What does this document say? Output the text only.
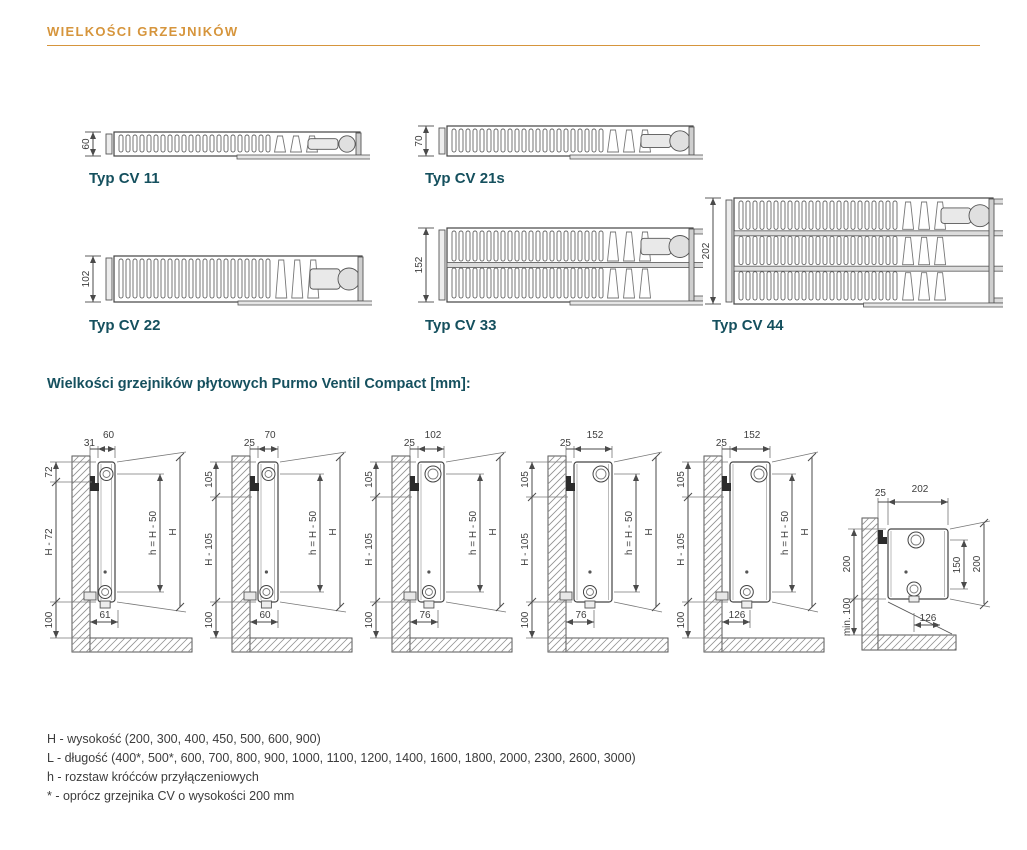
WIELKOŚCI GRZEJNIKÓW
60	70
102
152
202
Typ CV 11	Typ CV 21s
Typ CV 22	Typ CV 33	Typ CV 44
Wielkości grzejników płytowych Purmo Ventil Compact [mm]:
60
31
72
H - 72
100
h = H - 50 H
61
70
25
105
H - 105
100
h = H - 50 H
60
102
25
105
H - 105
100
h = H - 50 H
76
152
25
105
H - 105
100
h = H - 50 H
76
152
25
105
H - 105
100
h = H - 50 H
126
202
25
200
min. 100
150 200
126
H - wysokość (200, 300, 400, 450, 500, 600, 900)
L - długość (400*, 500*, 600, 700, 800, 900, 1000, 1100, 1200, 1400, 1600, 1800, 2000, 2300, 2600, 3000)
h - rozstaw króćców przyłączeniowych
* - oprócz grzejnika CV o wysokości 200 mm
